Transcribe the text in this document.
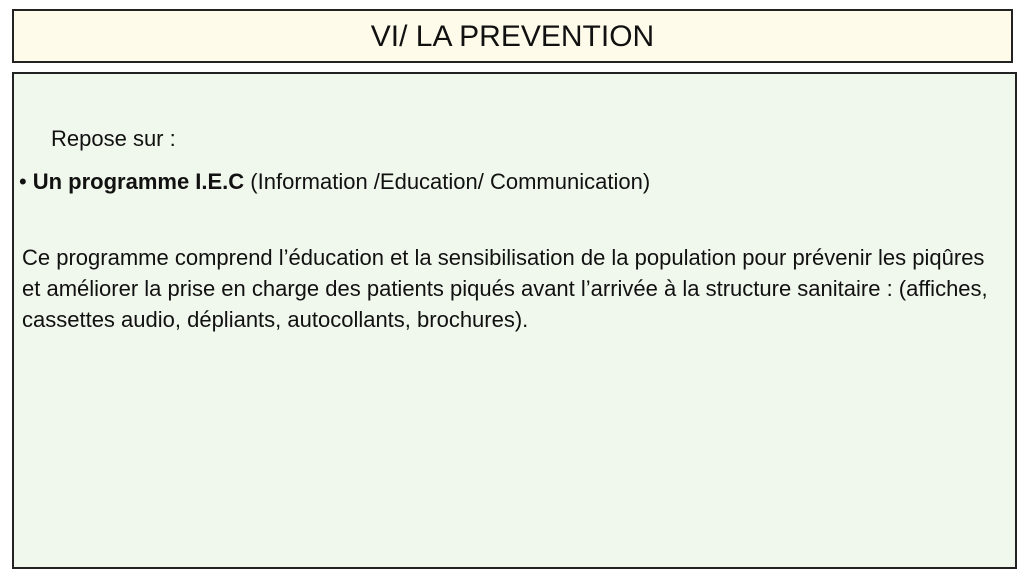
VI/ LA PREVENTION
Repose sur :
• Un programme I.E.C (Information /Education/ Communication)
Ce programme comprend l’éducation et la sensibilisation de la population pour prévenir les piqûres et améliorer la prise en charge des patients piqués avant l’arrivée à la structure sanitaire : (affiches, cassettes audio, dépliants, autocollants, brochures).
